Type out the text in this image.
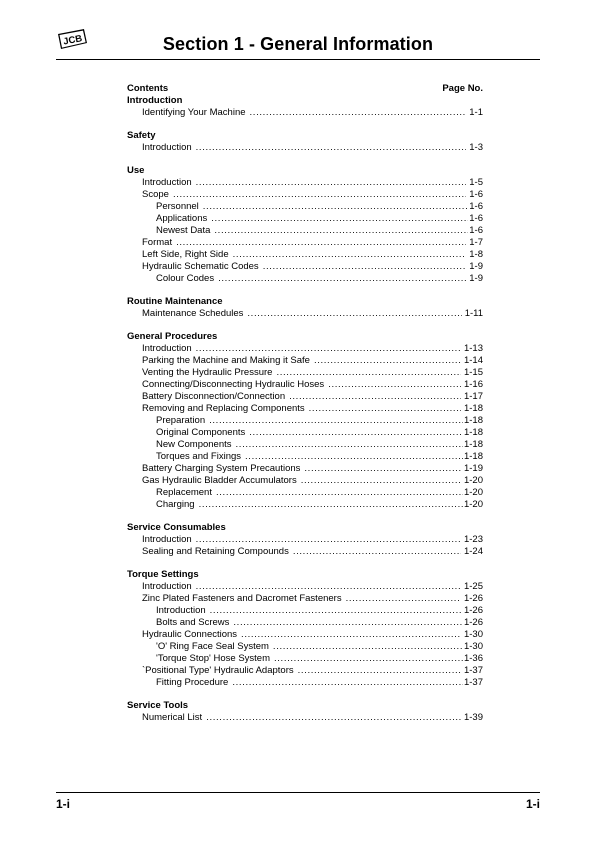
JCB	Section 1 - General Information
Contents	Page No.
Introduction
Identifying Your Machine . . .	1-1
Safety
Introduction . . .	1-3
Use
Introduction . . .	1-5
Scope . . .	1-6
Personnel . . .	1-6
Applications . . .	1-6
Newest Data . . .	1-6
Format . . .	1-7
Left Side, Right Side . . .	1-8
Hydraulic Schematic Codes . . .	1-9
Colour Codes . . .	1-9
Routine Maintenance
Maintenance Schedules . . .	1-11
General Procedures
Introduction . . .	1-13
Parking the Machine and Making it Safe . . .	1-14
Venting the Hydraulic Pressure . . .	1-15
Connecting/Disconnecting Hydraulic Hoses . . .	1-16
Battery Disconnection/Connection . . .	1-17
Removing and Replacing Components . . .	1-18
Preparation . . .	1-18
Original Components . . .	1-18
New Components . . .	1-18
Torques and Fixings . . .	1-18
Battery Charging System Precautions . . .	1-19
Gas Hydraulic Bladder Accumulators . . .	1-20
Replacement . . .	1-20
Charging . . .	1-20
Service Consumables
Introduction . . .	1-23
Sealing and Retaining Compounds . . .	1-24
Torque Settings
Introduction . . .	1-25
Zinc Plated Fasteners and Dacromet Fasteners . . .	1-26
Introduction . . .	1-26
Bolts and Screws . . .	1-26
Hydraulic Connections . . .	1-30
'O' Ring Face Seal System . . .	1-30
'Torque Stop' Hose System . . .	1-36
`Positional Type' Hydraulic Adaptors . . .	1-37
Fitting Procedure . . .	1-37
Service Tools
Numerical List . . .	1-39
1-i	1-i
